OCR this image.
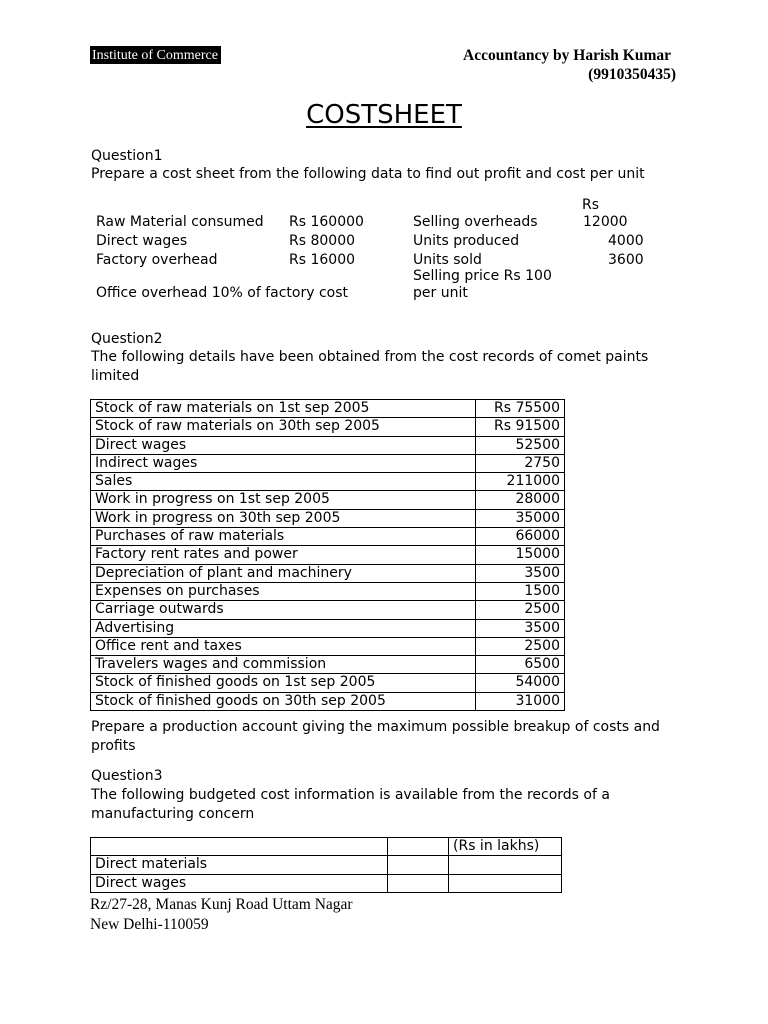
Institute of Commerce	Accountancy by Harish Kumar
(9910350435)
COSTSHEET
Question1
Prepare a cost sheet from the following data to find out profit and cost per unit
Rs
Raw Material consumed Rs 160000	Selling overheads	12000
Direct wages	Rs 80000	Units produced	4000
Factory overhead	Rs 16000	Units sold	3600
Selling price Rs 100
Office overhead 10% of factory cost	per unit
Question2
The following details have been obtained from the cost records of comet paints limited
Stock of raw materials on 1st sep 2005	Rs 75500
Stock of raw materials on 30th sep 2005	Rs 91500
Direct wages	52500
Indirect wages	2750
Sales	211000
Work in progress on 1st sep 2005	28000
Work in progress on 30th sep 2005	35000
Purchases of raw materials	66000
Factory rent rates and power	15000
Depreciation of plant and machinery	3500
Expenses on purchases	1500
Carriage outwards	2500
Advertising	3500
Office rent and taxes	2500
Travelers wages and commission	6500
Stock of finished goods on 1st sep 2005	54000
Stock of finished goods on 30th sep 2005	31000
Prepare a production account giving the maximum possible breakup of costs and profits
Question3
The following budgeted cost information is available from the records of a manufacturing concern
		(Rs in lakhs)
Direct materials		
Direct wages		
Rz/27-28, Manas Kunj Road Uttam Nagar
New Delhi-110059
